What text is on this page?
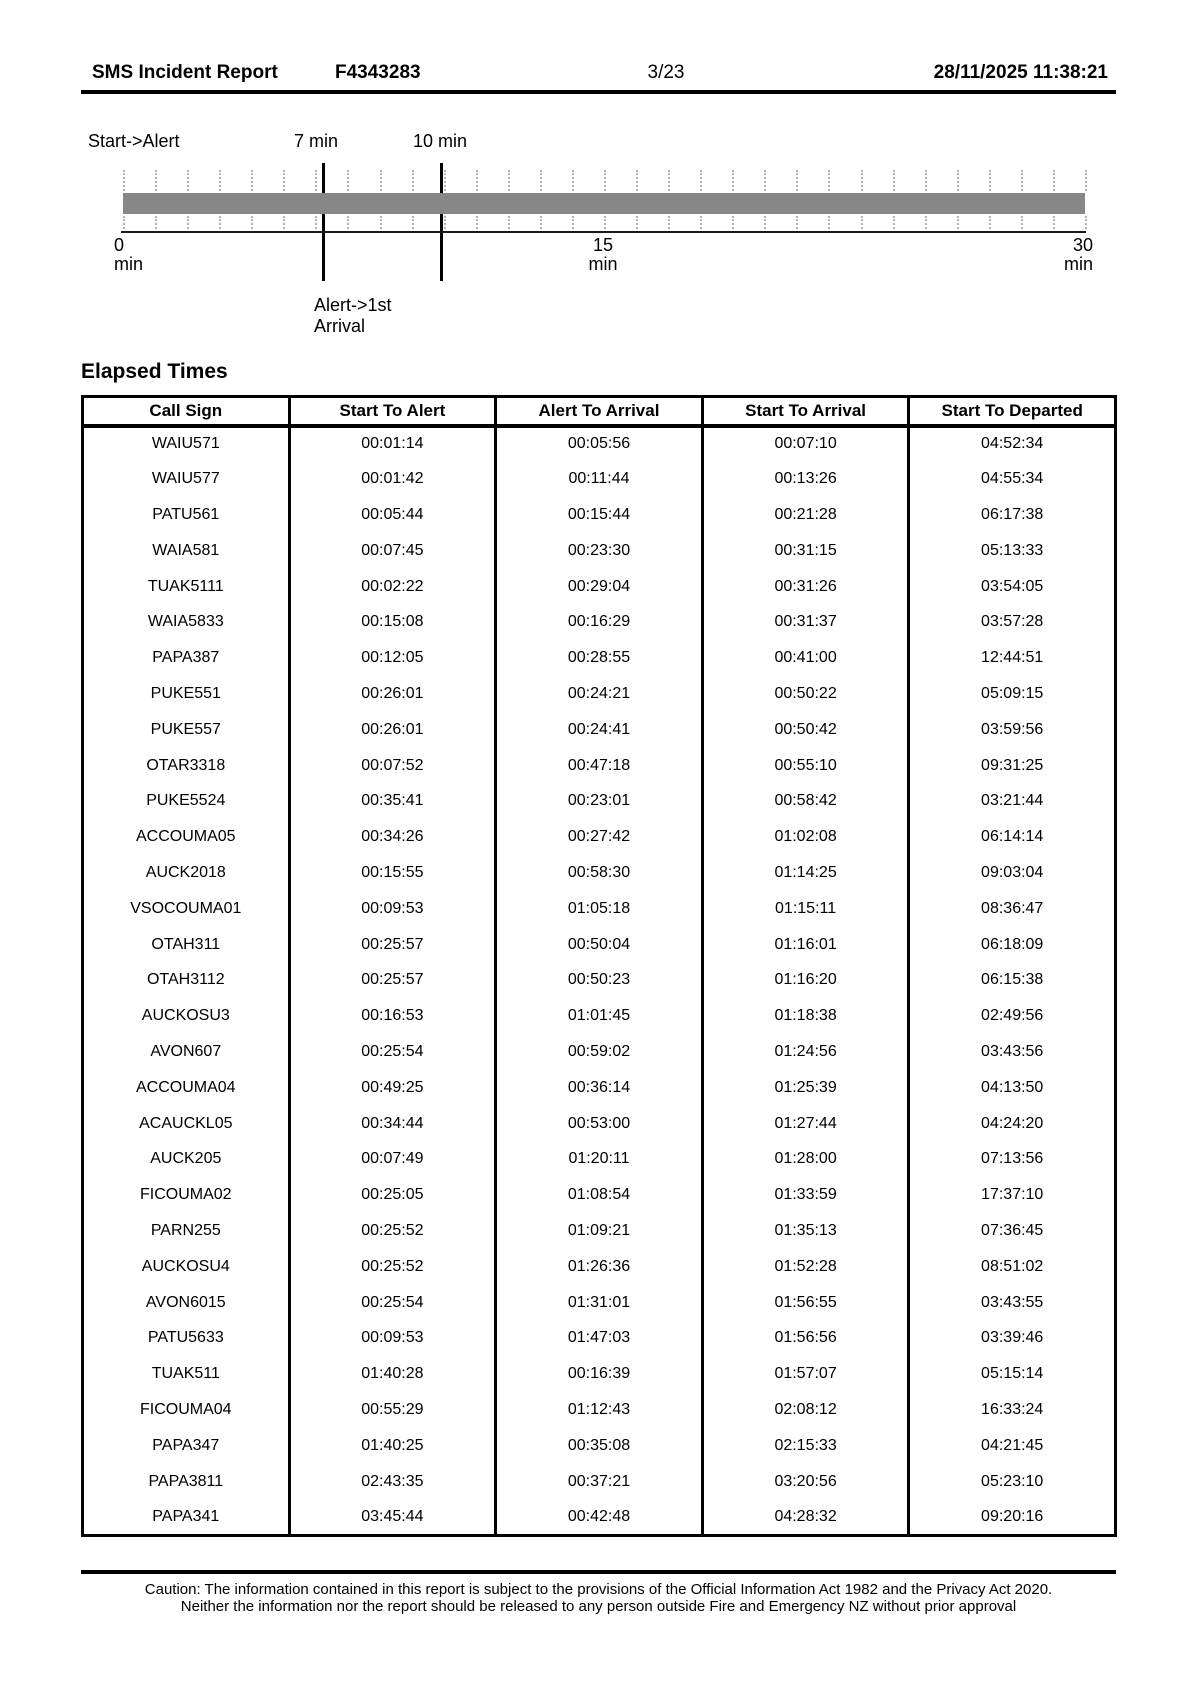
SMS Incident Report	F4343283	3/23	28/11/2025 11:38:21
Start->Alert	7 min	10 min
0
min
15
min
30
min
Alert->1st
Arrival
Elapsed Times
Call Sign	Start To Alert	Alert To Arrival	Start To Arrival	Start To Departed
WAIU571	00:01:14	00:05:56	00:07:10	04:52:34
WAIU577	00:01:42	00:11:44	00:13:26	04:55:34
PATU561	00:05:44	00:15:44	00:21:28	06:17:38
WAIA581	00:07:45	00:23:30	00:31:15	05:13:33
TUAK5111	00:02:22	00:29:04	00:31:26	03:54:05
WAIA5833	00:15:08	00:16:29	00:31:37	03:57:28
PAPA387	00:12:05	00:28:55	00:41:00	12:44:51
PUKE551	00:26:01	00:24:21	00:50:22	05:09:15
PUKE557	00:26:01	00:24:41	00:50:42	03:59:56
OTAR3318	00:07:52	00:47:18	00:55:10	09:31:25
PUKE5524	00:35:41	00:23:01	00:58:42	03:21:44
ACCOUMA05	00:34:26	00:27:42	01:02:08	06:14:14
AUCK2018	00:15:55	00:58:30	01:14:25	09:03:04
VSOCOUMA01	00:09:53	01:05:18	01:15:11	08:36:47
OTAH311	00:25:57	00:50:04	01:16:01	06:18:09
OTAH3112	00:25:57	00:50:23	01:16:20	06:15:38
AUCKOSU3	00:16:53	01:01:45	01:18:38	02:49:56
AVON607	00:25:54	00:59:02	01:24:56	03:43:56
ACCOUMA04	00:49:25	00:36:14	01:25:39	04:13:50
ACAUCKL05	00:34:44	00:53:00	01:27:44	04:24:20
AUCK205	00:07:49	01:20:11	01:28:00	07:13:56
FICOUMA02	00:25:05	01:08:54	01:33:59	17:37:10
PARN255	00:25:52	01:09:21	01:35:13	07:36:45
AUCKOSU4	00:25:52	01:26:36	01:52:28	08:51:02
AVON6015	00:25:54	01:31:01	01:56:55	03:43:55
PATU5633	00:09:53	01:47:03	01:56:56	03:39:46
TUAK511	01:40:28	00:16:39	01:57:07	05:15:14
FICOUMA04	00:55:29	01:12:43	02:08:12	16:33:24
PAPA347	01:40:25	00:35:08	02:15:33	04:21:45
PAPA3811	02:43:35	00:37:21	03:20:56	05:23:10
PAPA341	03:45:44	00:42:48	04:28:32	09:20:16
Caution: The information contained in this report is subject to the provisions of the Official Information Act 1982 and the Privacy Act 2020.
Neither the information nor the report should be released to any person outside Fire and Emergency NZ without prior approval
